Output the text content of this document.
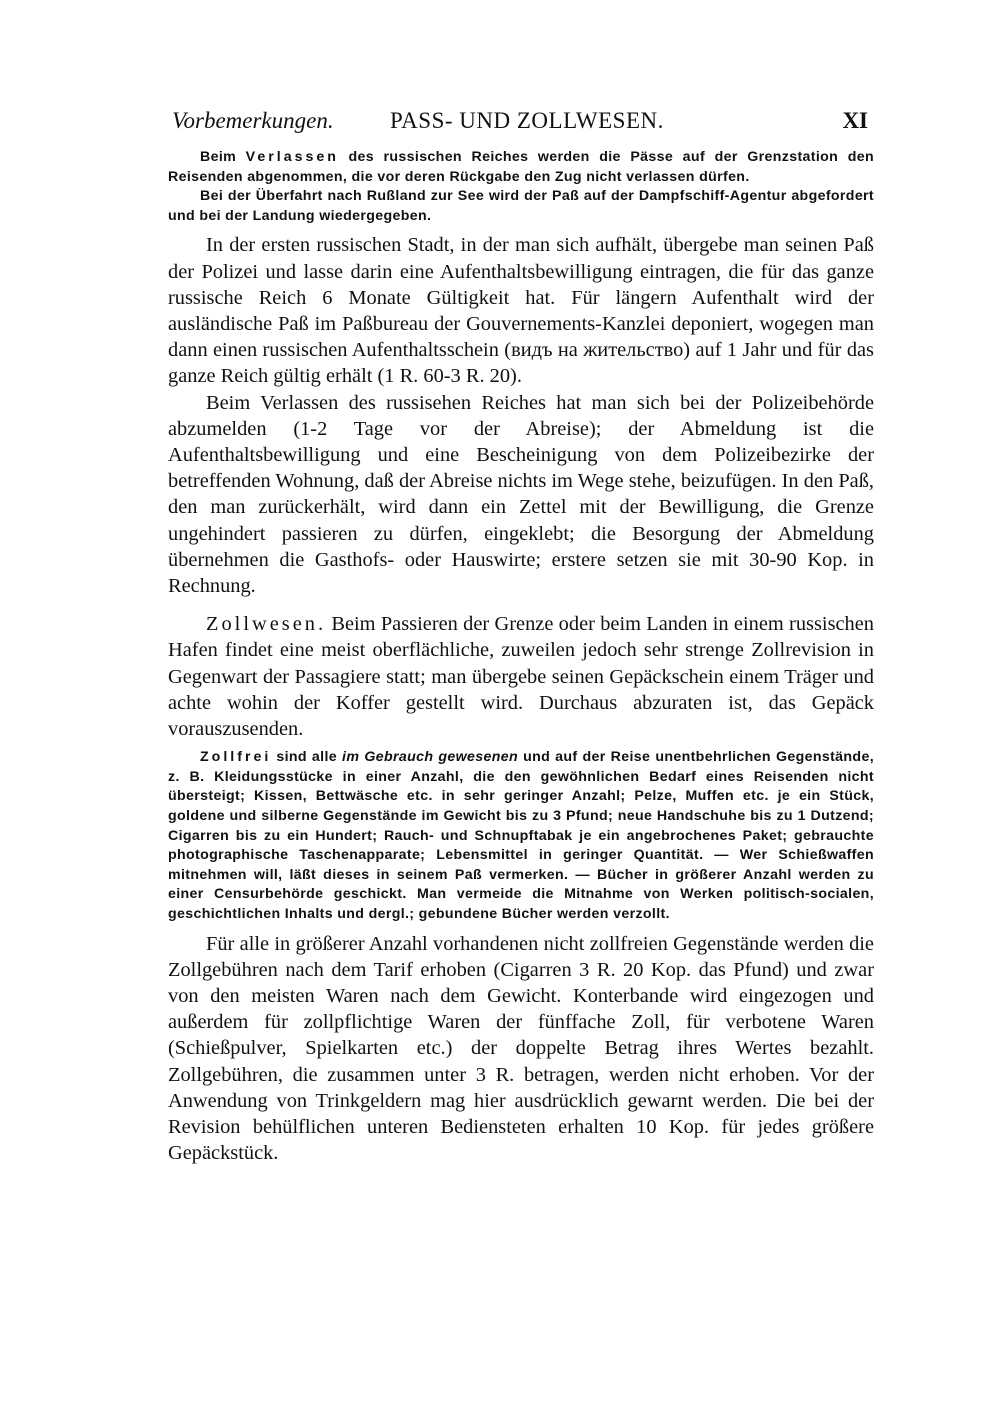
Vorbemerkungen. PASS- UND ZOLLWESEN.	XI

Beim Verlassen des russischen Reiches werden die Pässe auf der Grenzstation den Reisenden abgenommen, die vor deren Rückgabe den Zug nicht verlassen dürfen.

Bei der Überfahrt nach Rußland zur See wird der Paß auf der Dampfschiff-Agentur abgefordert und bei der Landung wiedergegeben.

In der ersten russischen Stadt, in der man sich aufhält, übergebe man seinen Paß der Polizei und lasse darin eine Aufenthaltsbewilligung eintragen, die für das ganze russische Reich 6 Monate Gültigkeit hat. Für längern Aufenthalt wird der ausländische Paß im Paßbureau der Gouvernements-Kanzlei deponiert, wogegen man dann einen russischen Aufenthaltsschein (видъ на жительство) auf 1 Jahr und für das ganze Reich gültig erhält (1 R. 60-3 R. 20).

Beim Verlassen des russisehen Reiches hat man sich bei der Polizeibehörde abzumelden (1-2 Tage vor der Abreise); der Abmeldung ist die Aufenthaltsbewilligung und eine Bescheinigung von dem Polizeibezirke der betreffenden Wohnung, daß der Abreise nichts im Wege stehe, beizufügen. In den Paß, den man zurückerhält, wird dann ein Zettel mit der Bewilligung, die Grenze ungehindert passieren zu dürfen, eingeklebt; die Besorgung der Abmeldung übernehmen die Gasthofs- oder Hauswirte; erstere setzen sie mit 30-90 Kop. in Rechnung.

Zollwesen. Beim Passieren der Grenze oder beim Landen in einem russischen Hafen findet eine meist oberflächliche, zuweilen jedoch sehr strenge Zollrevision in Gegenwart der Passagiere statt; man übergebe seinen Gepäckschein einem Träger und achte wohin der Koffer gestellt wird. Durchaus abzuraten ist, das Gepäck vorauszusenden.

Zollfrei sind alle im Gebrauch gewesenen und auf der Reise unentbehrlichen Gegenstände, z. B. Kleidungsstücke in einer Anzahl, die den gewöhnlichen Bedarf eines Reisenden nicht übersteigt; Kissen, Bettwäsche etc. in sehr geringer Anzahl; Pelze, Muffen etc. je ein Stück, goldene und silberne Gegenstände im Gewicht bis zu 3 Pfund; neue Handschuhe bis zu 1 Dutzend; Cigarren bis zu ein Hundert; Rauch- und Schnupftabak je ein angebrochenes Paket; gebrauchte photographische Taschenapparate; Lebensmittel in geringer Quantität. — Wer Schießwaffen mitnehmen will, läßt dieses in seinem Paß vermerken. — Bücher in größerer Anzahl werden zu einer Censurbehörde geschickt. Man vermeide die Mitnahme von Werken politisch-socialen, geschichtlichen Inhalts und dergl.; gebundene Bücher werden verzollt.

Für alle in größerer Anzahl vorhandenen nicht zollfreien Gegenstände werden die Zollgebühren nach dem Tarif erhoben (Cigarren 3 R. 20 Kop. das Pfund) und zwar von den meisten Waren nach dem Gewicht. Konterbande wird eingezogen und außerdem für zollpflichtige Waren der fünffache Zoll, für verbotene Waren (Schießpulver, Spielkarten etc.) der doppelte Betrag ihres Wertes bezahlt. Zollgebühren, die zusammen unter 3 R. betragen, werden nicht erhoben. Vor der Anwendung von Trinkgeldern mag hier ausdrücklich gewarnt werden. Die bei der Revision behülflichen unteren Bediensteten erhalten 10 Kop. für jedes größere Gepäckstück.
